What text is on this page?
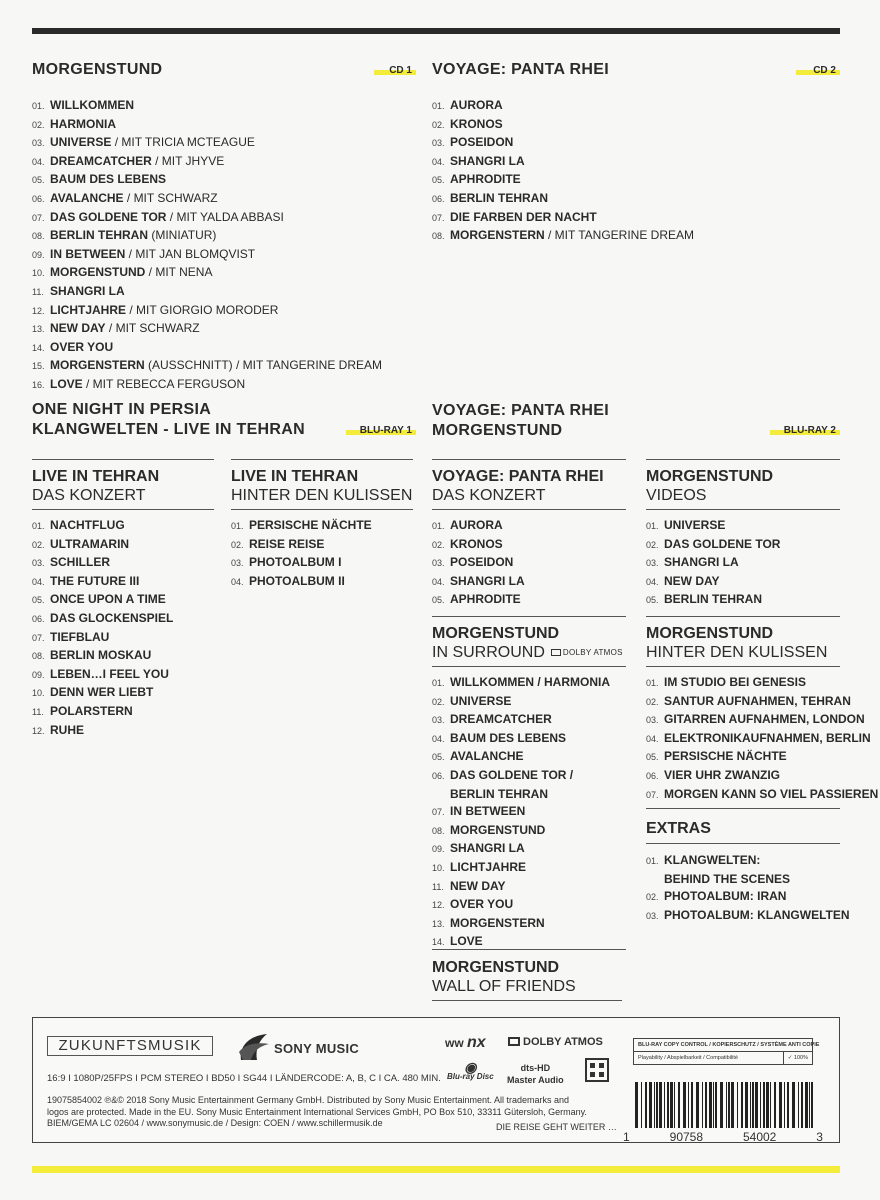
MORGENSTUND	CD 1
01. WILLKOMMEN
02. HARMONIA
03. UNIVERSE / MIT TRICIA MCTEAGUE
04. DREAMCATCHER / MIT JHYVE
05. BAUM DES LEBENS
06. AVALANCHE / MIT SCHWARZ
07. DAS GOLDENE TOR / MIT YALDA ABBASI
08. BERLIN TEHRAN (MINIATUR)
09. IN BETWEEN / MIT JAN BLOMQVIST
10. MORGENSTUND / MIT NENA
11. SHANGRI LA
12. LICHTJAHRE / MIT GIORGIO MORODER
13. NEW DAY / MIT SCHWARZ
14. OVER YOU
15. MORGENSTERN (AUSSCHNITT) / MIT TANGERINE DREAM
16. LOVE / MIT REBECCA FERGUSON
VOYAGE: PANTA RHEI	CD 2
01. AURORA
02. KRONOS
03. POSEIDON
04. SHANGRI LA
05. APHRODITE
06. BERLIN TEHRAN
07. DIE FARBEN DER NACHT
08. MORGENSTERN / MIT TANGERINE DREAM
ONE NIGHT IN PERSIA
KLANGWELTEN - LIVE IN TEHRAN	BLU-RAY 1
LIVE IN TEHRAN
DAS KONZERT
01. NACHTFLUG
02. ULTRAMARIN
03. SCHILLER
04. THE FUTURE III
05. ONCE UPON A TIME
06. DAS GLOCKENSPIEL
07. TIEFBLAU
08. BERLIN MOSKAU
09. LEBEN…I FEEL YOU
10. DENN WER LIEBT
11. POLARSTERN
12. RUHE
LIVE IN TEHRAN
HINTER DEN KULISSEN
01. PERSISCHE NÄCHTE
02. REISE REISE
03. PHOTOALBUM I
04. PHOTOALBUM II
VOYAGE: PANTA RHEI
MORGENSTUND	BLU-RAY 2
VOYAGE: PANTA RHEI
DAS KONZERT
01. AURORA
02. KRONOS
03. POSEIDON
04. SHANGRI LA
05. APHRODITE
MORGENSTUND
IN SURROUND DOLBY ATMOS
01. WILLKOMMEN / HARMONIA
02. UNIVERSE
03. DREAMCATCHER
04. BAUM DES LEBENS
05. AVALANCHE
06. DAS GOLDENE TOR /
BERLIN TEHRAN
07. IN BETWEEN
08. MORGENSTUND
09. SHANGRI LA
10. LICHTJAHRE
11. NEW DAY
12. OVER YOU
13. MORGENSTERN
14. LOVE
MORGENSTUND
WALL OF FRIENDS
MORGENSTUND
VIDEOS
01. UNIVERSE
02. DAS GOLDENE TOR
03. SHANGRI LA
04. NEW DAY
05. BERLIN TEHRAN
MORGENSTUND
HINTER DEN KULISSEN
01. IM STUDIO BEI GENESIS
02. SANTUR AUFNAHMEN, TEHRAN
03. GITARREN AUFNAHMEN, LONDON
04. ELEKTRONIKAUFNAHMEN, BERLIN
05. PERSISCHE NÄCHTE
06. VIER UHR ZWANZIG
07. MORGEN KANN SO VIEL PASSIEREN
EXTRAS
01. KLANGWELTEN:
BEHIND THE SCENES
02. PHOTOALBUM: IRAN
03. PHOTOALBUM: KLANGWELTEN
ZUKUNFTSMUSIK	SONY MUSIC	ww nx	DOLBY ATMOS
◉
Blu-ray Disc
dts-HD
Master Audio
BLU-RAY COPY CONTROL / KOPIERSCHUTZ / SYSTÈME ANTI COPIE
Playability / Abspielbarkeit / Compatibilité	✓ 100%
16:9 I 1080P/25FPS I PCM STEREO I BD50 I SG44 I LÄNDERCODE: A, B, C I CA. 480 MIN.
19075854002 ℗&© 2018 Sony Music Entertainment Germany GmbH. Distributed by Sony Music Entertainment. All trademarks and
logos are protected. Made in the EU. Sony Music Entertainment International Services GmbH, PO Box 510, 33311 Gütersloh, Germany.
BIEM/GEMA LC 02604 / www.sonymusic.de / Design: COEN / www.schillermusik.de	DIE REISE GEHT WEITER …
1	90758	54002	3
